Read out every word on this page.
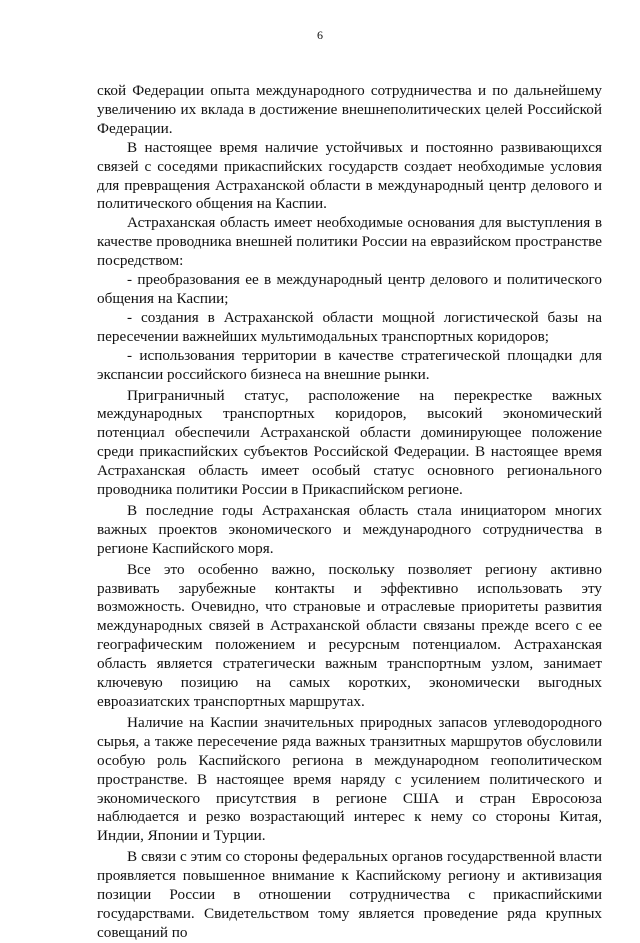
6

ской Федерации опыта международного сотрудничества и по дальнейшему увеличению их вклада в достижение внешнеполитических целей Российской Федерации.

В настоящее время наличие устойчивых и постоянно развивающихся связей с соседями прикаспийских государств создает необходимые условия для превращения Астраханской области в международный центр делового и политического общения на Каспии.

Астраханская область имеет необходимые основания для выступления в качестве проводника внешней политики России на евразийском пространстве посредством:

- преобразования ее в международный центр делового и политического общения на Каспии;

- создания в Астраханской области мощной логистической базы на пересечении важнейших мультимодальных транспортных коридоров;

- использования территории в качестве стратегической площадки для экспансии российского бизнеса на внешние рынки.

Приграничный статус, расположение на перекрестке важных международных транспортных коридоров, высокий экономический потенциал обеспечили Астраханской области доминирующее положение среди прикаспийских субъектов Российской Федерации. В настоящее время Астраханская область имеет особый статус основного регионального проводника политики России в Прикаспийском регионе.

В последние годы Астраханская область стала инициатором многих важных проектов экономического и международного сотрудничества в регионе Каспийского моря.

Все это особенно важно, поскольку позволяет региону активно развивать зарубежные контакты и эффективно использовать эту возможность. Очевидно, что страновые и отраслевые приоритеты развития международных связей в Астраханской области связаны прежде всего с ее географическим положением и ресурсным потенциалом. Астраханская область является стратегически важным транспортным узлом, занимает ключевую позицию на самых коротких, экономически выгодных евроазиатских транспортных маршрутах.

Наличие на Каспии значительных природных запасов углеводородного сырья, а также пересечение ряда важных транзитных маршрутов обусловили особую роль Каспийского региона в международном геополитическом пространстве. В настоящее время наряду с усилением политического и экономического присутствия в регионе США и стран Евросоюза наблюдается и резко возрастающий интерес к нему со стороны Китая, Индии, Японии и Турции.

В связи с этим со стороны федеральных органов государственной власти проявляется повышенное внимание к Каспийскому региону и активизация позиции России в отношении сотрудничества с прикаспийскими государствами. Свидетельством тому является проведение ряда крупных совещаний по
